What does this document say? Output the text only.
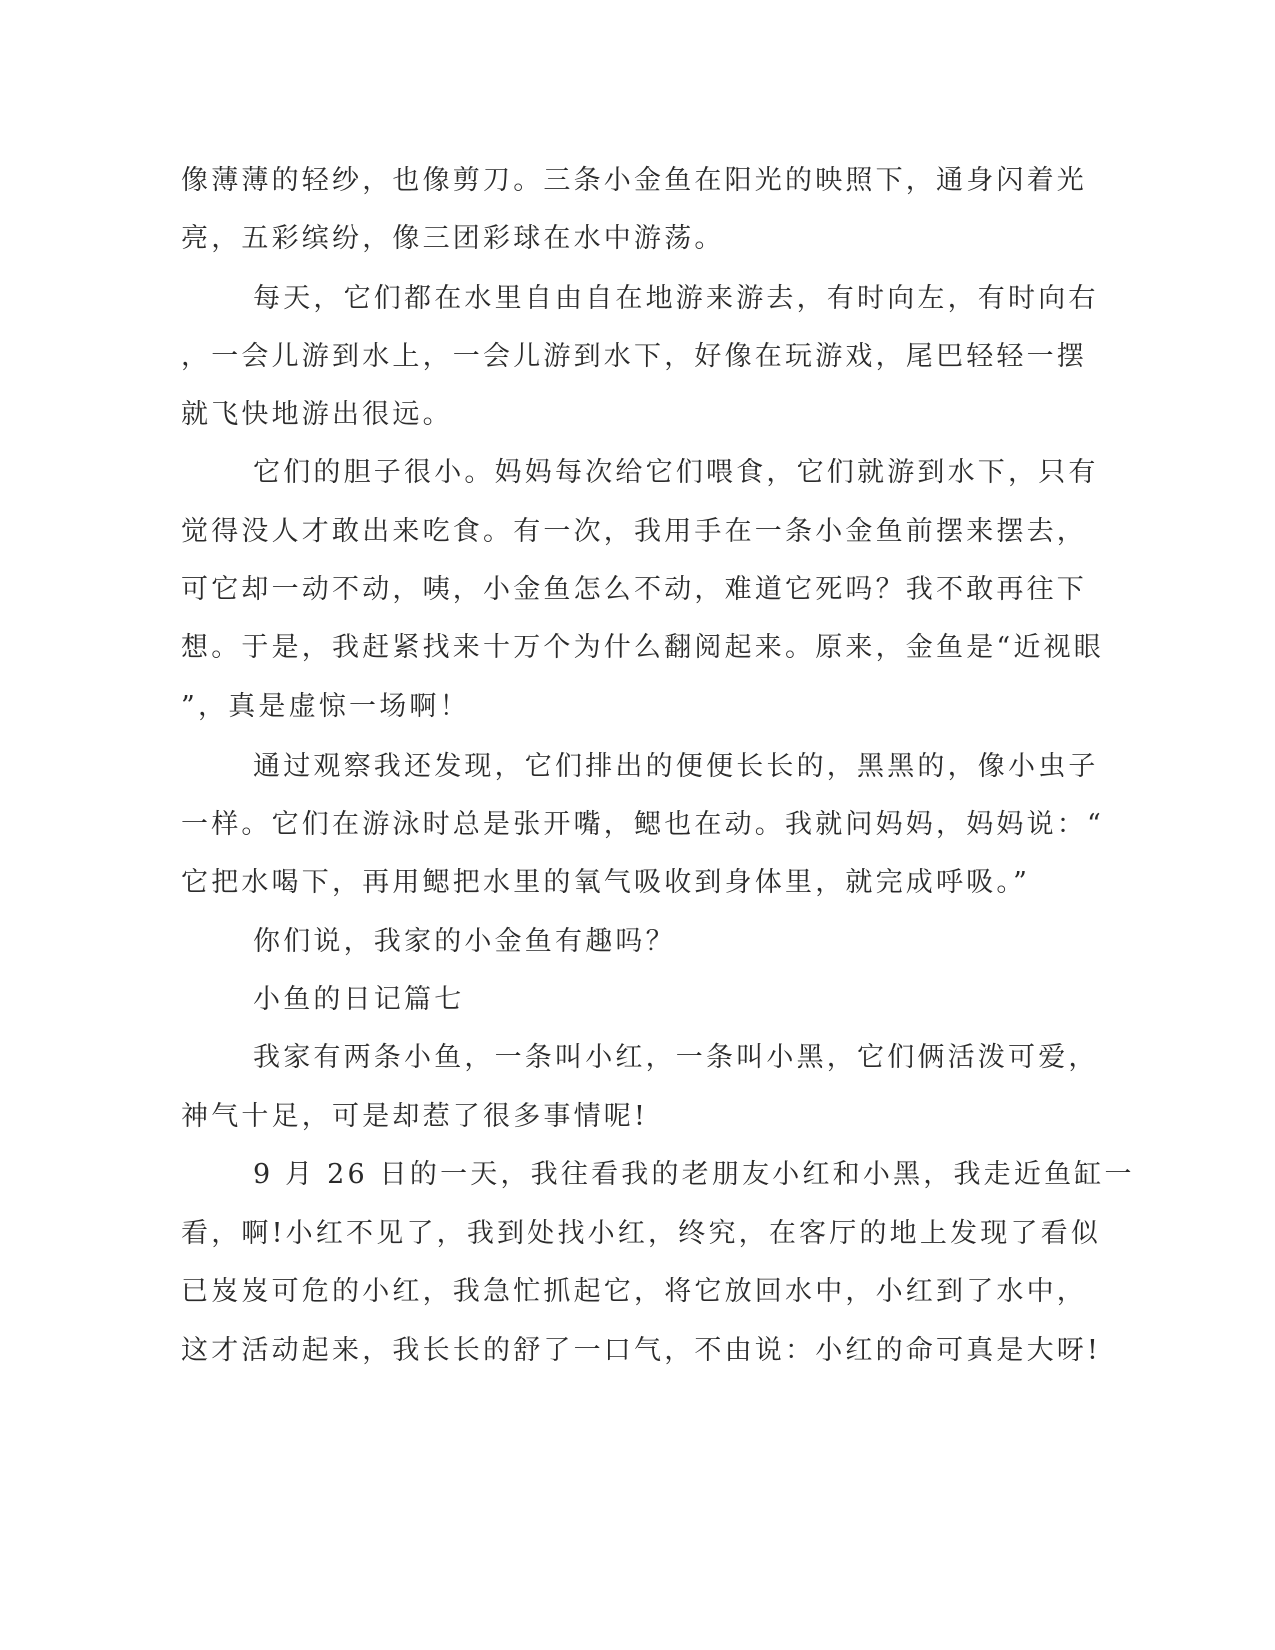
像薄薄的轻纱，也像剪刀。三条小金鱼在阳光的映照下，通身闪着光
亮，五彩缤纷，像三团彩球在水中游荡。
每天，它们都在水里自由自在地游来游去，有时向左，有时向右
，一会儿游到水上，一会儿游到水下，好像在玩游戏，尾巴轻轻一摆
就飞快地游出很远。
它们的胆子很小。妈妈每次给它们喂食，它们就游到水下，只有
觉得没人才敢出来吃食。有一次，我用手在一条小金鱼前摆来摆去，
可它却一动不动，咦，小金鱼怎么不动，难道它死吗？我不敢再往下
想。于是，我赶紧找来十万个为什么翻阅起来。原来，金鱼是“近视眼
”，真是虚惊一场啊！
通过观察我还发现，它们排出的便便长长的，黑黑的，像小虫子
一样。它们在游泳时总是张开嘴，鳃也在动。我就问妈妈，妈妈说：“
它把水喝下，再用鳃把水里的氧气吸收到身体里，就完成呼吸。”
你们说，我家的小金鱼有趣吗？
小鱼的日记篇七
我家有两条小鱼，一条叫小红，一条叫小黑，它们俩活泼可爱，
神气十足，可是却惹了很多事情呢!
9 月 26 日的一天，我往看我的老朋友小红和小黑，我走近鱼缸一
看，啊!小红不见了，我到处找小红，终究，在客厅的地上发现了看似
已岌岌可危的小红，我急忙抓起它，将它放回水中，小红到了水中，
这才活动起来，我长长的舒了一口气，不由说：小红的命可真是大呀!
